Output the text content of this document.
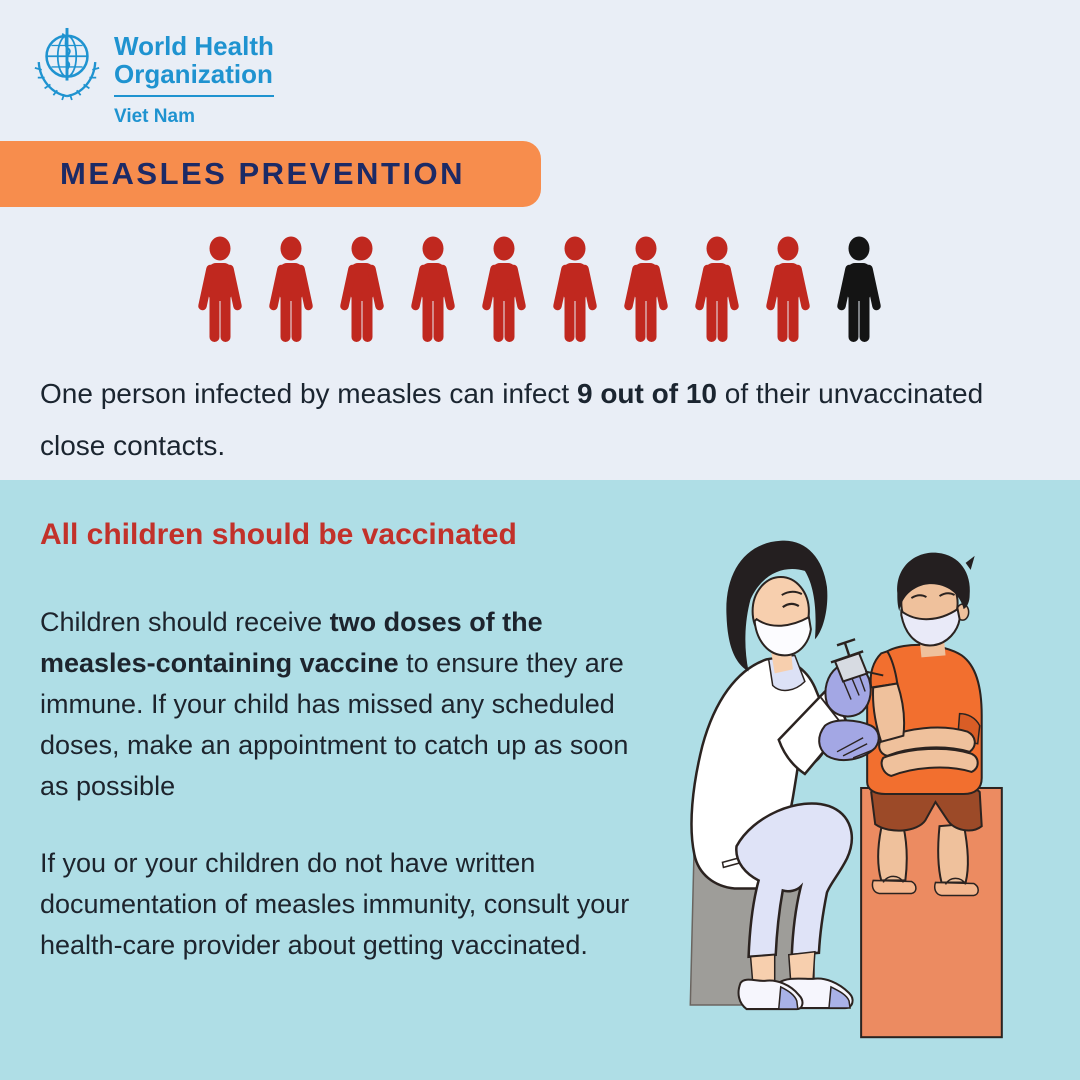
World Health
Organization
Viet Nam
MEASLES PREVENTION

One person infected by measles can infect 9 out of 10 of their unvaccinated close contacts.

All children should be vaccinated

Children should receive two doses of the measles-containing vaccine to ensure they are immune. If your child has missed any scheduled doses, make an appointment to catch up as soon as possible

If you or your children do not have written documentation of measles immunity, consult your health-care provider about getting vaccinated.
